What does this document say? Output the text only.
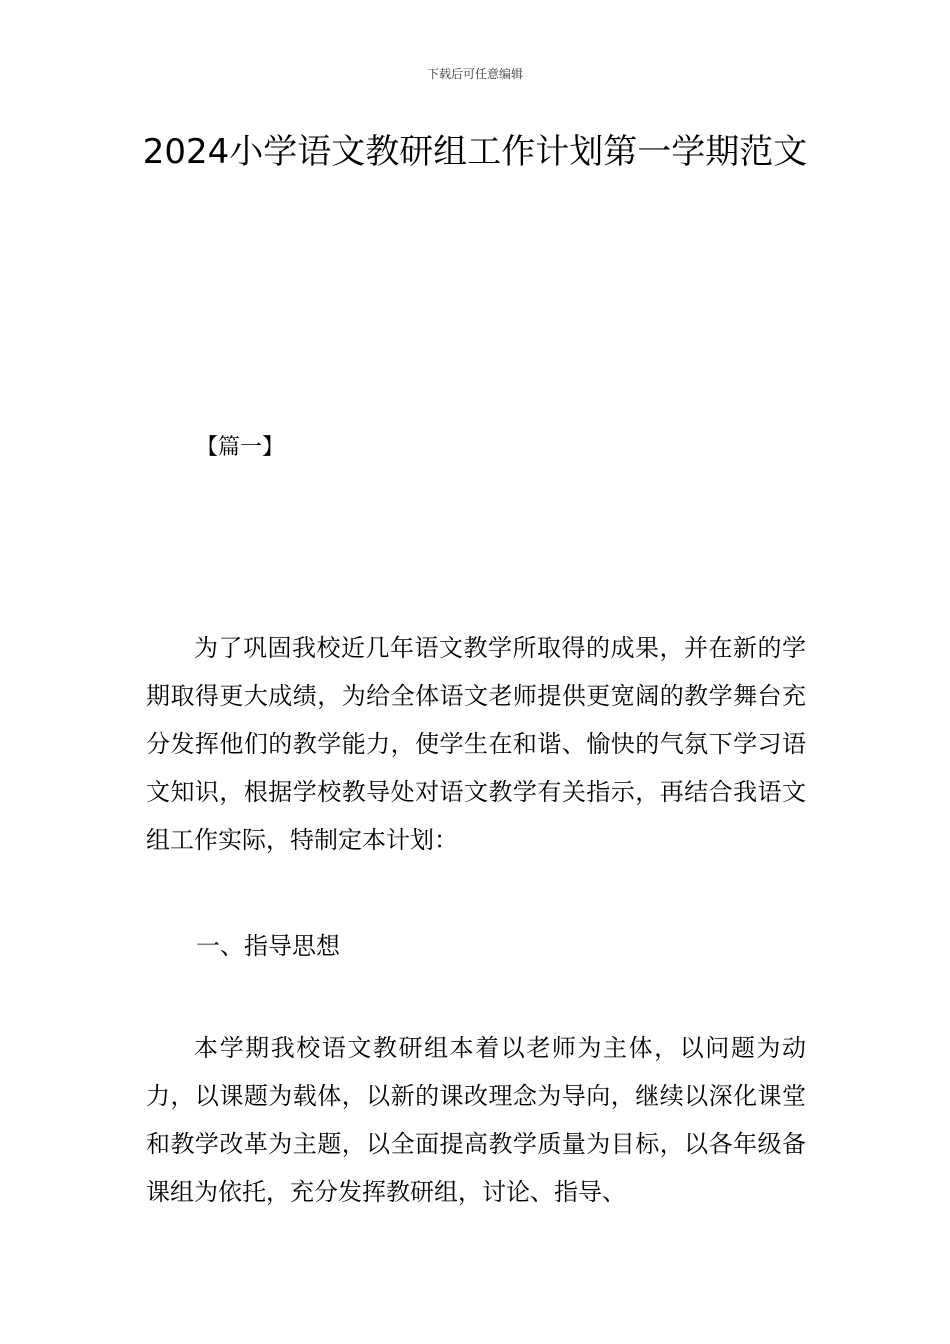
下载后可任意编辑
2024小学语文教研组工作计划第一学期范文
【篇一】

为了巩固我校近几年语文教学所取得的成果，并在新的学期取得更大成绩，为给全体语文老师提供更宽阔的教学舞台充分发挥他们的教学能力，使学生在和谐、愉快的气氛下学习语文知识，根据学校教导处对语文教学有关指示，再结合我语文组工作实际，特制定本计划：

一、指导思想

本学期我校语文教研组本着以老师为主体，以问题为动力，以课题为载体，以新的课改理念为导向，继续以深化课堂和教学改革为主题，以全面提高教学质量为目标，以各年级备课组为依托，充分发挥教研组，讨论、指导、
